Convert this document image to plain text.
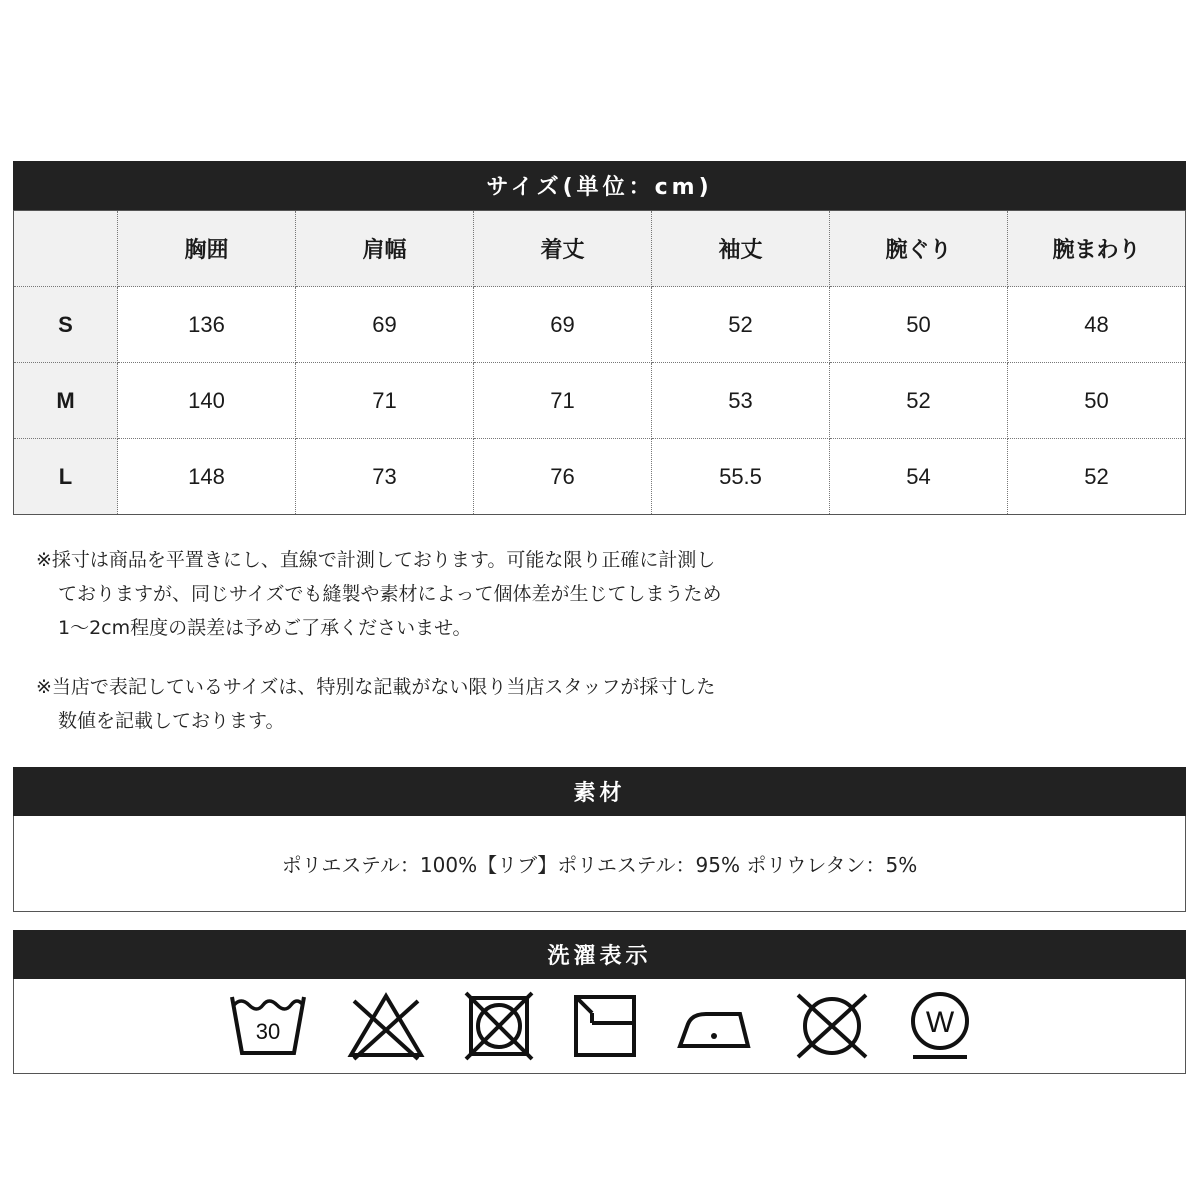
サイズ(単位：cm)
	胸囲	肩幅	着丈	袖丈	腕ぐり	腕まわり
S	136	69	69	52	50	48
M	140	71	71	53	52	50
L	148	73	76	55.5	54	52

※採寸は商品を平置きにし、直線で計測しております。可能な限り正確に計測し

ておりますが、同じサイズでも縫製や素材によって個体差が生じてしまうため

1〜2cm程度の誤差は予めご了承くださいませ。

※当店で表記しているサイズは、特別な記載がない限り当店スタッフが採寸した

数値を記載しております。

素材
ポリエステル：100%【リブ】ポリエステル：95% ポリウレタン：5%
洗濯表示
30	W
